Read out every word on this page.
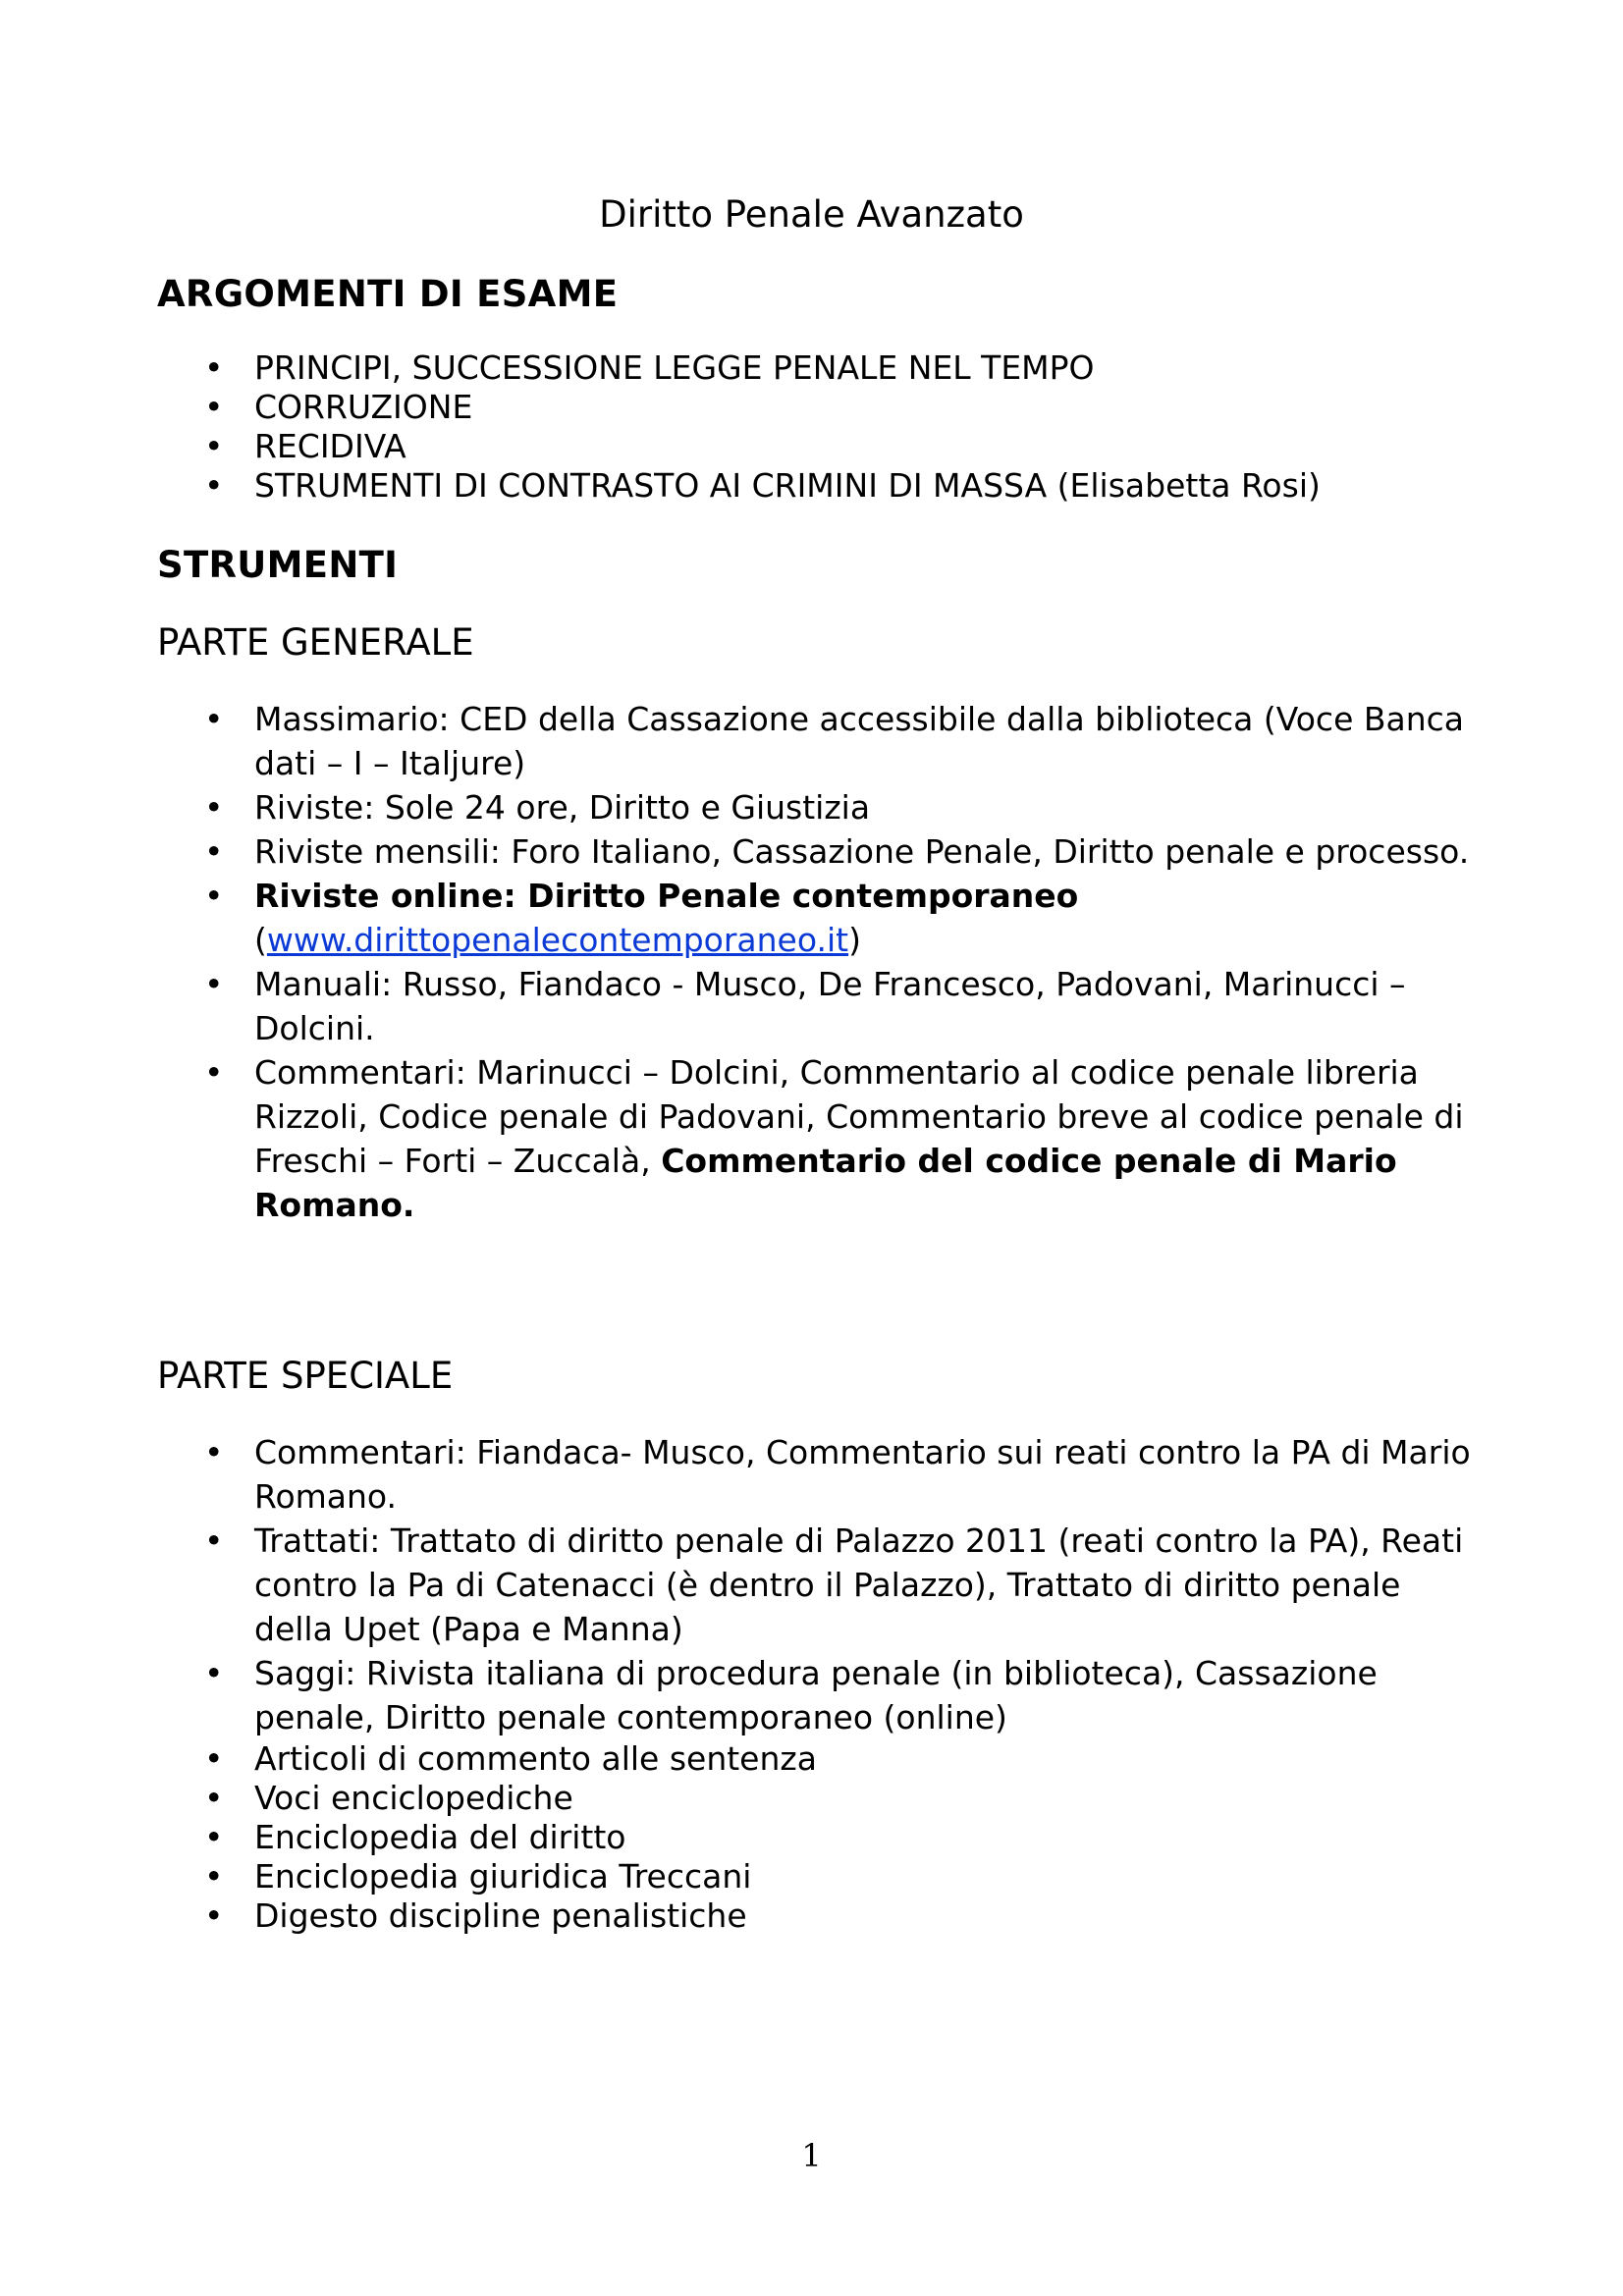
Diritto Penale Avanzato
ARGOMENTI DI ESAME
• PRINCIPI, SUCCESSIONE LEGGE PENALE NEL TEMPO
• CORRUZIONE
• RECIDIVA
• STRUMENTI DI CONTRASTO AI CRIMINI DI MASSA (Elisabetta Rosi)
STRUMENTI
PARTE GENERALE
• Massimario: CED della Cassazione accessibile dalla biblioteca (Voce Banca dati – I – Italjure)
• Riviste: Sole 24 ore, Diritto e Giustizia
• Riviste mensili: Foro Italiano, Cassazione Penale, Diritto penale e processo.
• Riviste online: Diritto Penale contemporaneo
(www.dirittopenalecontemporaneo.it)
• Manuali: Russo, Fiandaco - Musco, De Francesco, Padovani, Marinucci – Dolcini.
• Commentari: Marinucci – Dolcini, Commentario al codice penale libreria Rizzoli, Codice penale di Padovani, Commentario breve al codice penale di Freschi – Forti – Zuccalà, Commentario del codice penale di Mario Romano.
PARTE SPECIALE
• Commentari: Fiandaca- Musco, Commentario sui reati contro la PA di Mario Romano.
• Trattati: Trattato di diritto penale di Palazzo 2011 (reati contro la PA), Reati contro la Pa di Catenacci (è dentro il Palazzo), Trattato di diritto penale della Upet (Papa e Manna)
• Saggi: Rivista italiana di procedura penale (in biblioteca), Cassazione penale, Diritto penale contemporaneo (online)
• Articoli di commento alle sentenza
• Voci enciclopediche
• Enciclopedia del diritto
• Enciclopedia giuridica Treccani
• Digesto discipline penalistiche
1
